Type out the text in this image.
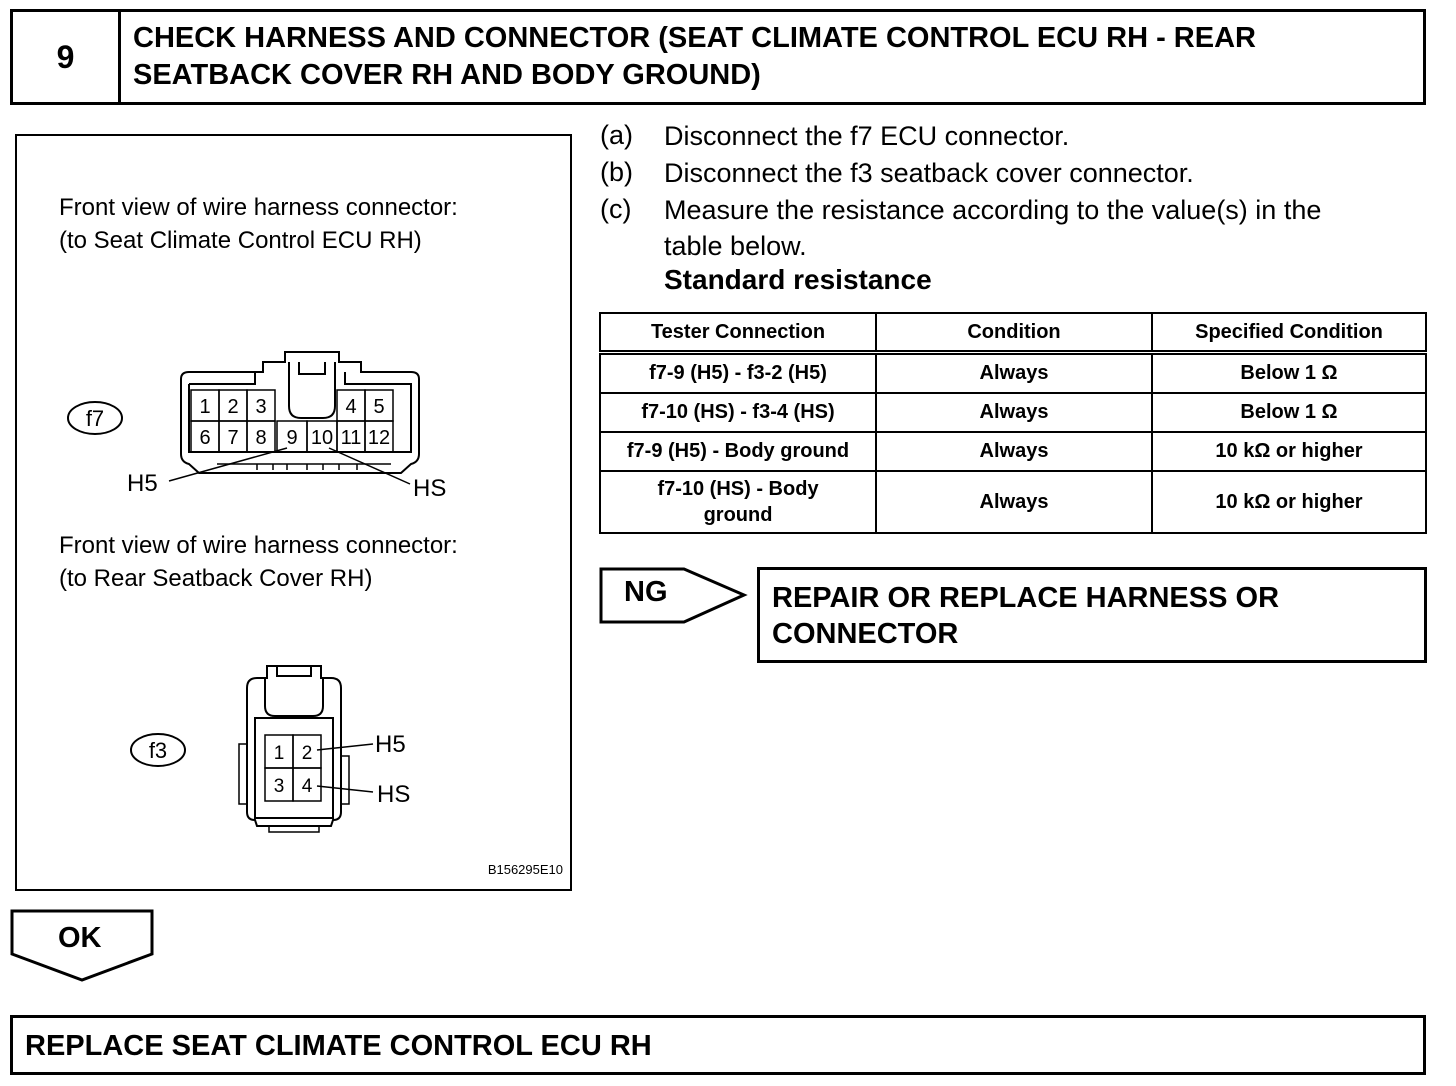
9
CHECK HARNESS AND CONNECTOR (SEAT CLIMATE CONTROL ECU RH - REAR
SEATBACK COVER RH AND BODY GROUND)
Front view of wire harness connector:
(to Seat Climate Control ECU RH)
Front view of wire harness connector:
(to Rear Seatback Cover RH)
f7	1 2 3	4 5
6 7 8 9 10 11 12
H5	HS
f3	1 2
3 4
H5
HS
B156295E10
(a) Disconnect the f7 ECU connector.
(b) Disconnect the f3 seatback cover connector.
(c) Measure the resistance according to the value(s) in the
table below.
Standard resistance
Tester Connection	Condition	Specified Condition
f7-9 (H5) - f3-2 (H5)	Always	Below 1 Ω
f7-10 (HS) - f3-4 (HS)	Always	Below 1 Ω
f7-9 (H5) - Body ground	Always	10 kΩ or higher

f7-10 (HS) - Body
ground	Always	10 kΩ or higher
NG	REPAIR OR REPLACE HARNESS OR
CONNECTOR
OK
REPLACE SEAT CLIMATE CONTROL ECU RH
